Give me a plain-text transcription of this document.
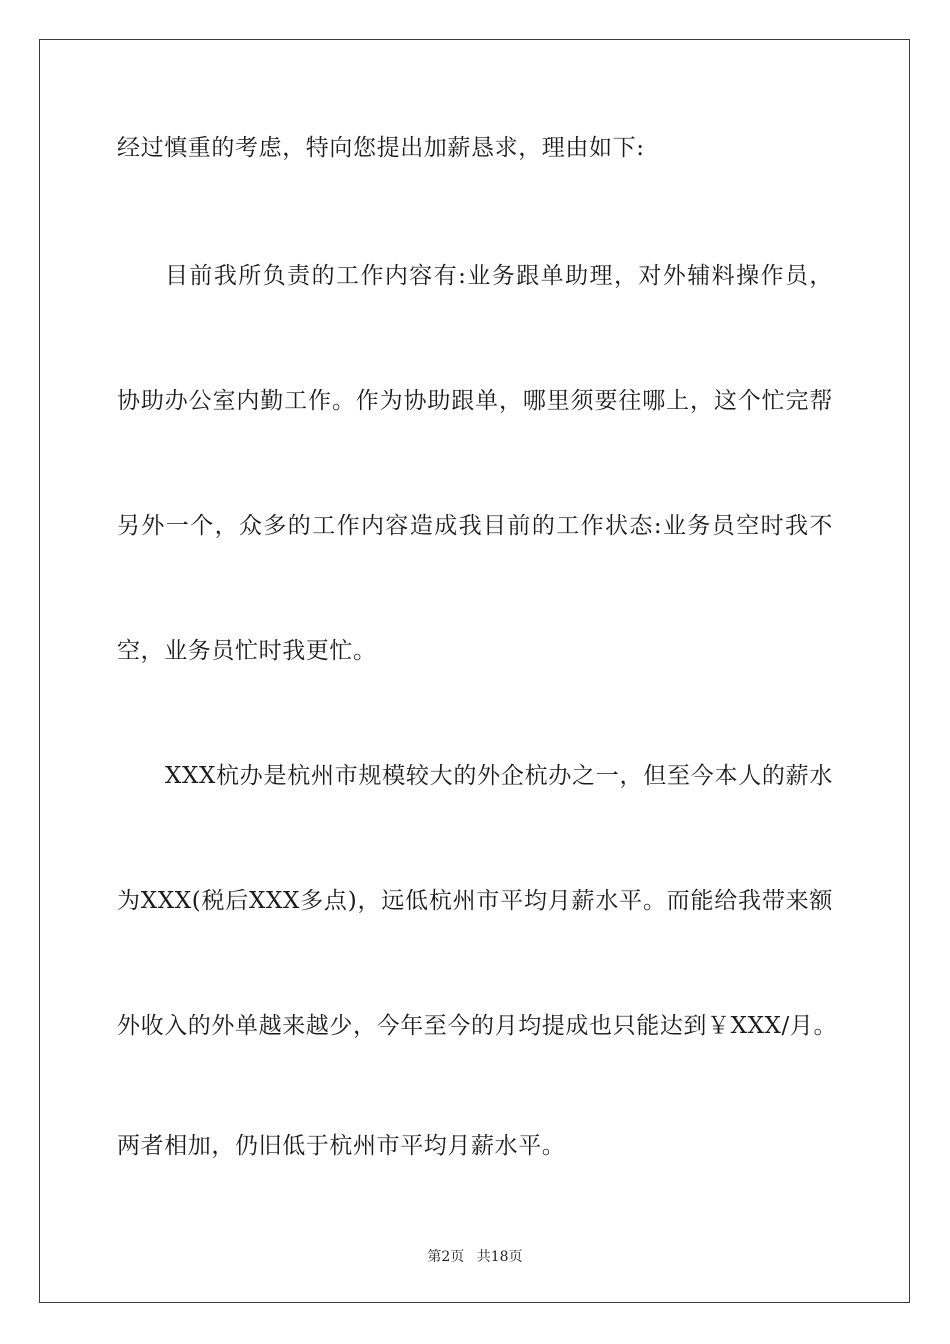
经过慎重的考虑，特向您提出加薪恳求，理由如下:
目前我所负责的工作内容有:业务跟单助理，对外辅料操作员，
协助办公室内勤工作。作为协助跟单，哪里须要往哪上，这个忙完帮
另外一个，众多的工作内容造成我目前的工作状态:业务员空时我不
空，业务员忙时我更忙。
XXX杭办是杭州市规模较大的外企杭办之一，但至今本人的薪水
为XXX(税后XXX多点)，远低杭州市平均月薪水平。而能给我带来额
外收入的外单越来越少，今年至今的月均提成也只能达到￥XXX/月。
两者相加，仍旧低于杭州市平均月薪水平。
第2页 共18页
